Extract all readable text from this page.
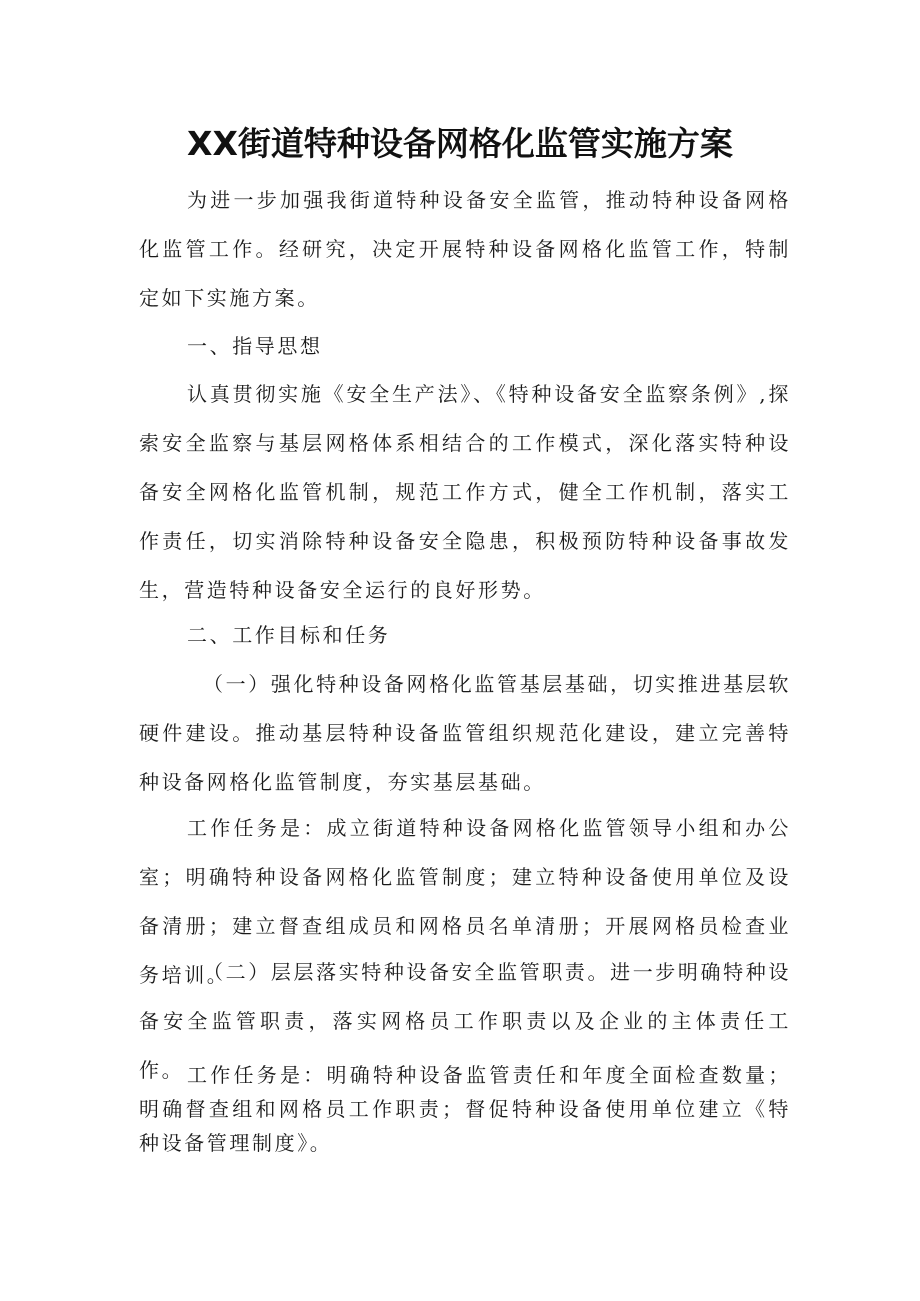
XX街道特种设备网格化监管实施方案

为进一步加强我街道特种设备安全监管，推动特种设备网格化监管工作。经研究，决定开展特种设备网格化监管工作，特制定如下实施方案。

一、指导思想

认真贯彻实施《安全生产法》、《特种设备安全监察条例》,探索安全监察与基层网格体系相结合的工作模式，深化落实特种设备安全网格化监管机制，规范工作方式，健全工作机制，落实工作责任，切实消除特种设备安全隐患，积极预防特种设备事故发生，营造特种设备安全运行的良好形势。

二、工作目标和任务

（一）强化特种设备网格化监管基层基础，切实推进基层软硬件建设。推动基层特种设备监管组织规范化建设，建立完善特种设备网格化监管制度，夯实基层基础。

工作任务是：成立街道特种设备网格化监管领导小组和办公室；明确特种设备网格化监管制度；建立特种设备使用单位及设备清册；建立督查组成员和网格员名单清册；开展网格员检查业务培训。

（二）层层落实特种设备安全监管职责。进一步明确特种设备安全监管职责，落实网格员工作职责以及企业的主体责任工作。 工作任务是：明确特种设备监管责任和年度全面检查数量；明确督查组和网格员工作职责；督促特种设备使用单位建立《特种设备管理制度》。
